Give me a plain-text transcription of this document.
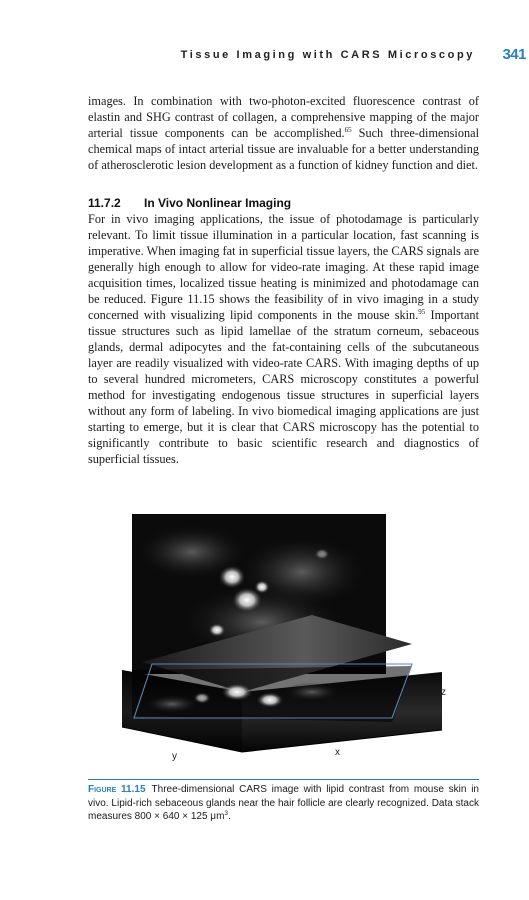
Tissue Imaging with CARS Microscopy 341
images. In combination with two-photon-excited fluorescence contrast of elastin and SHG contrast of collagen, a comprehensive mapping of the major arterial tissue components can be accomplished.$^{65}$ Such three-dimensional chemical maps of intact arterial tissue are invaluable for a better understanding of atherosclerotic lesion development as a function of kidney function and diet.
11.7.2 In Vivo Nonlinear Imaging
For in vivo imaging applications, the issue of photodamage is particularly relevant. To limit tissue illumination in a particular location, fast scanning is imperative. When imaging fat in superficial tissue layers, the CARS signals are generally high enough to allow for video-rate imaging. At these rapid image acquisition times, localized tissue heating is minimized and photodamage can be reduced. Figure 11.15 shows the feasibility of in vivo imaging in a study concerned with visualizing lipid components in the mouse skin.$^{95}$ Important tissue structures such as lipid lamellae of the stratum corneum, sebaceous glands, dermal adipocytes and the fat-containing cells of the subcutaneous layer are readily visualized with video-rate CARS. With imaging depths of up to several hundred micrometers, CARS microscopy constitutes a powerful method for investigating endogenous tissue structures in superficial layers without any form of labeling. In vivo biomedical imaging applications are just starting to emerge, but it is clear that CARS microscopy has the potential to significantly contribute to basic scientific research and diagnostics of superficial tissues.
z
y	x
Figure 11.15 Three-dimensional CARS image with lipid contrast from mouse skin in vivo. Lipid-rich sebaceous glands near the hair follicle are clearly recognized. Data stack measures 800 × 640 × 125 $\mu m^3$.
